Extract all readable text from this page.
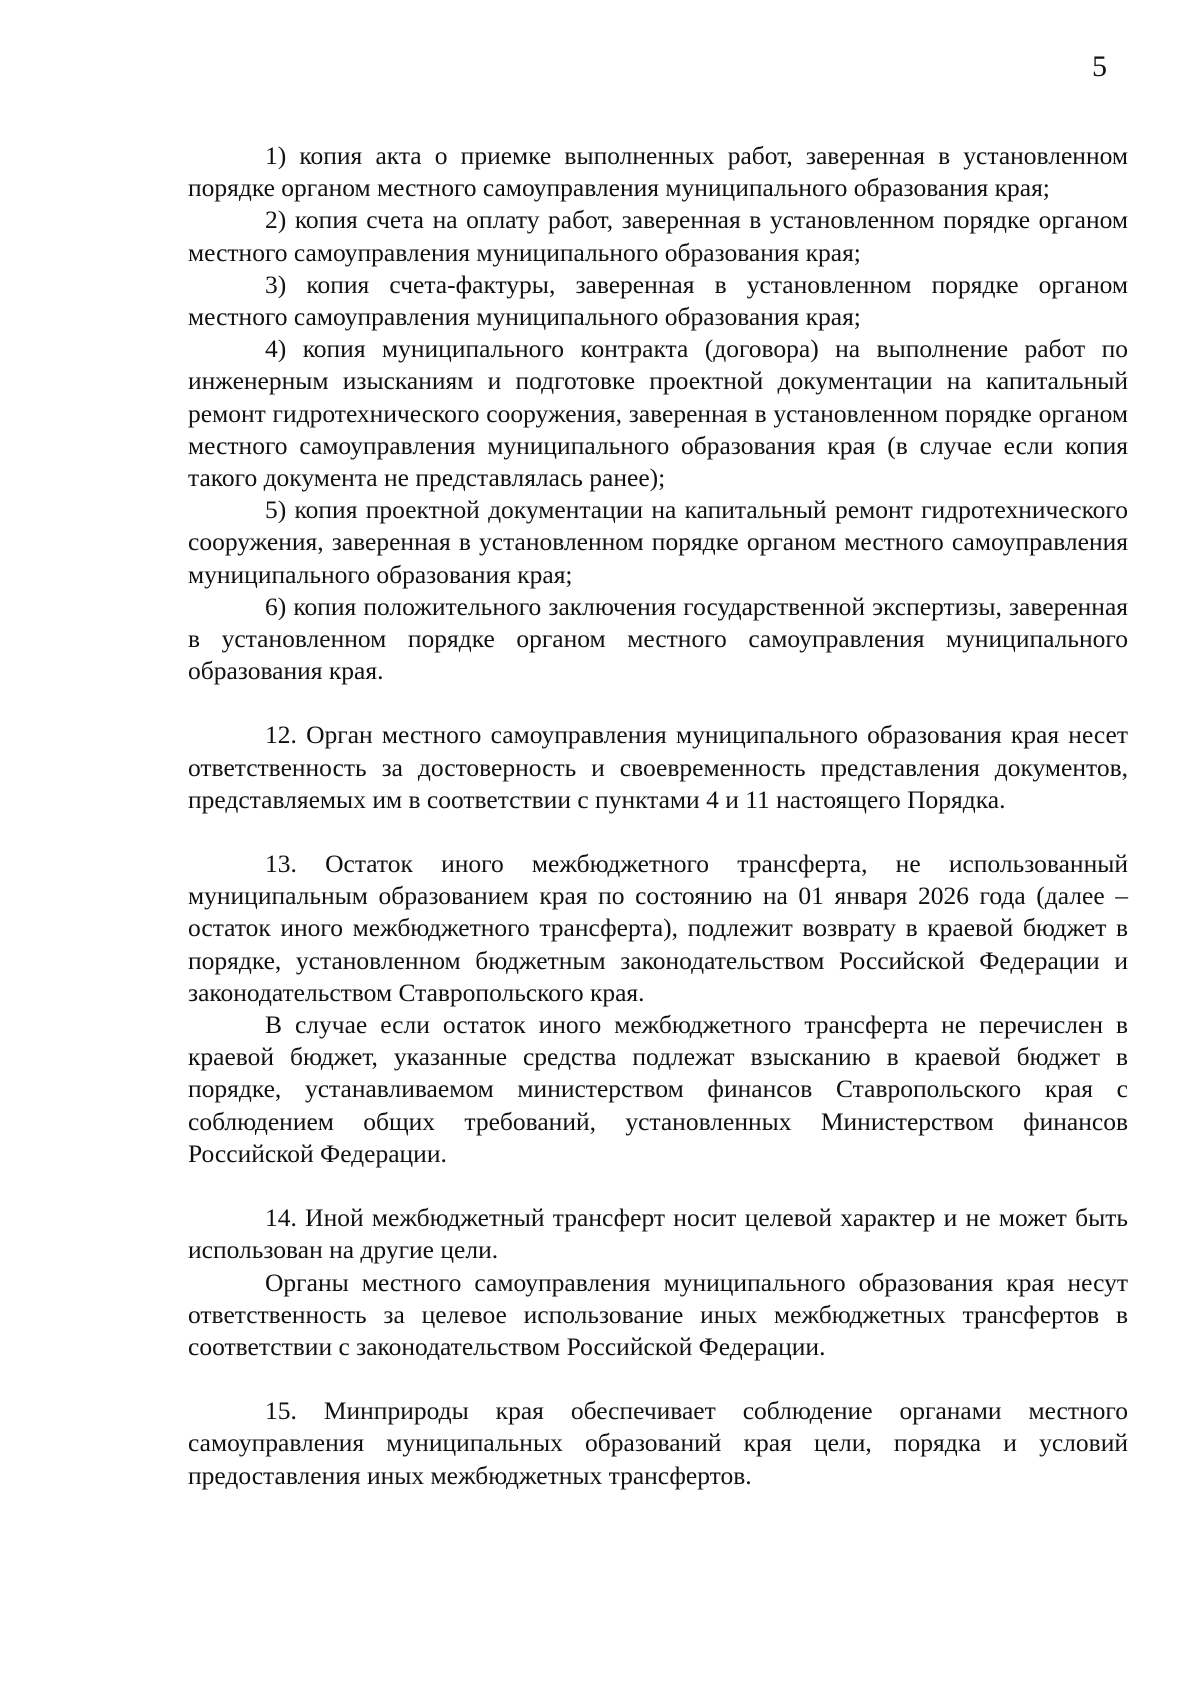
5

1) копия акта о приемке выполненных работ, заверенная в установленном порядке органом местного самоуправления муниципального образования края;

2) копия счета на оплату работ, заверенная в установленном порядке органом местного самоуправления муниципального образования края;

3) копия счета-фактуры, заверенная в установленном порядке органом местного самоуправления муниципального образования края;

4) копия муниципального контракта (договора) на выполнение работ по инженерным изысканиям и подготовке проектной документации на капитальный ремонт гидротехнического сооружения, заверенная в установленном порядке органом местного самоуправления муниципального образования края (в случае если копия такого документа не представлялась ранее);

5) копия проектной документации на капитальный ремонт гидротехнического сооружения, заверенная в установленном порядке органом местного самоуправления муниципального образования края;

6) копия положительного заключения государственной экспертизы, заверенная в установленном порядке органом местного самоуправления муниципального образования края.

12. Орган местного самоуправления муниципального образования края несет ответственность за достоверность и своевременность представления документов, представляемых им в соответствии с пунктами 4 и 11 настоящего Порядка.

13. Остаток иного межбюджетного трансферта, не использованный муниципальным образованием края по состоянию на 01 января 2026 года (далее – остаток иного межбюджетного трансферта), подлежит возврату в краевой бюджет в порядке, установленном бюджетным законодательством Российской Федерации и законодательством Ставропольского края.

В случае если остаток иного межбюджетного трансферта не перечислен в краевой бюджет, указанные средства подлежат взысканию в краевой бюджет в порядке, устанавливаемом министерством финансов Ставропольского края с соблюдением общих требований, установленных Министерством финансов Российской Федерации.

14. Иной межбюджетный трансферт носит целевой характер и не может быть использован на другие цели.

Органы местного самоуправления муниципального образования края несут ответственность за целевое использование иных межбюджетных трансфертов в соответствии с законодательством Российской Федерации.

15. Минприроды края обеспечивает соблюдение органами местного самоуправления муниципальных образований края цели, порядка и условий предоставления иных межбюджетных трансфертов.
